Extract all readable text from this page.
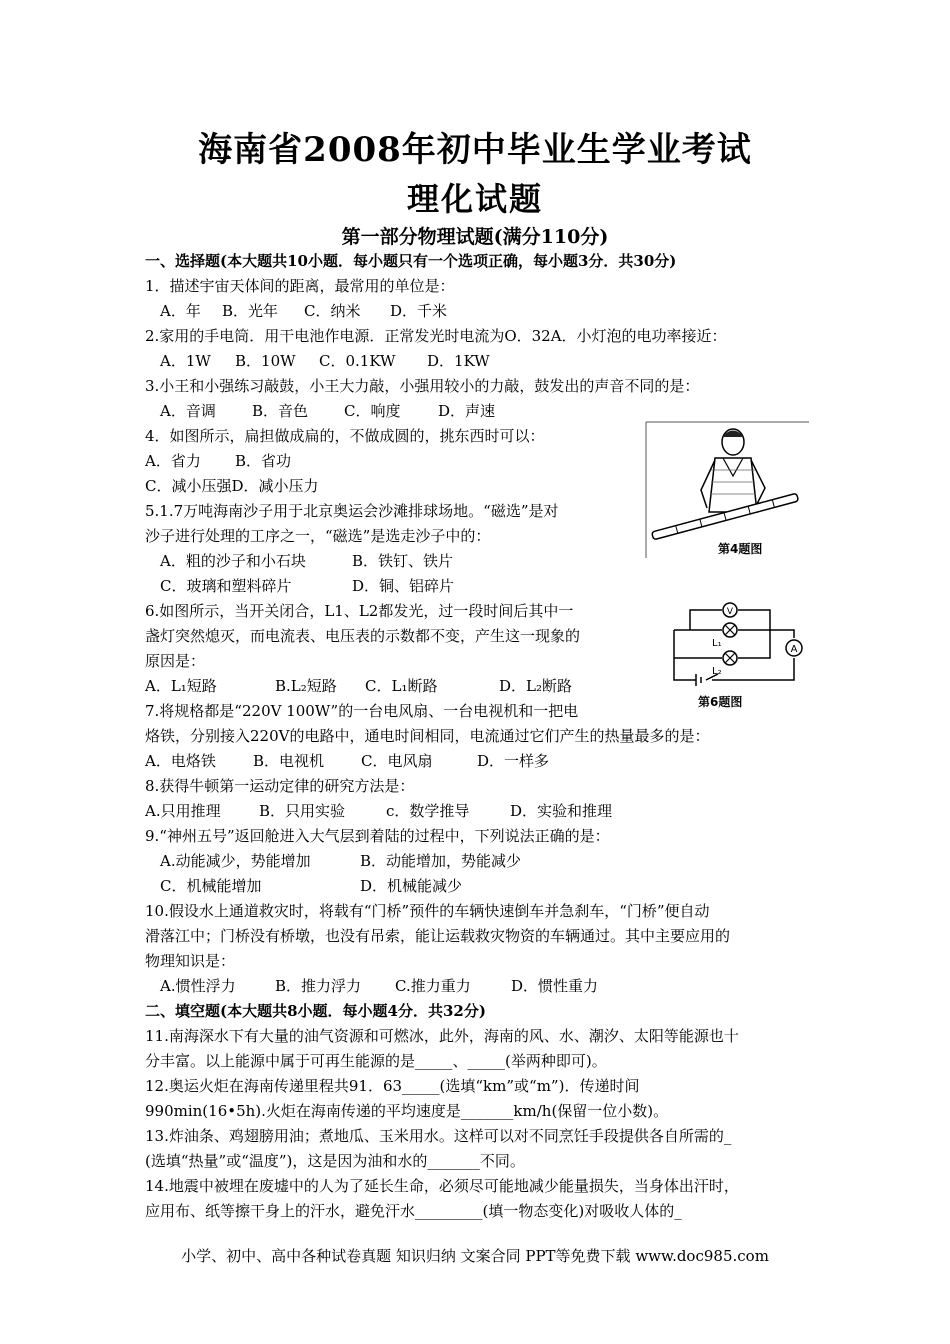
海南省2008年初中毕业生学业考试
理化试题
第一部分物理试题(满分110分)
一、选择题(本大题共10小题．每小题只有一个选项正确，每小题3分．共30分)
1．描述宇宙天体间的距离，最常用的单位是：
A．年 B．光年 C．纳米 D．千米
2.家用的手电筒．用干电池作电源．正常发光时电流为O．32A．小灯泡的电功率接近：
A．1W B．10W C．0.1KW D．1KW
3.小王和小强练习敲鼓，小王大力敲，小强用较小的力敲，鼓发出的声音不同的是：
A．音调 B．音色 C．响度	D．声速
4．如图所示，扁担做成扁的，不做成圆的，挑东西时可以：
A．省力 B．省功
C．减小压强D．减小压力
第4题图
5.1.7万吨海南沙子用于北京奥运会沙滩排球场地。“磁选”是对
沙子进行处理的工序之一，“磁选”是选走沙子中的：
A．粗的沙子和小石块	B．铁钉、铁片
C．玻璃和塑料碎片	D．铜、铝碎片
6.如图所示，当开关闭合，L1、L2都发光，过一段时间后其中一
盏灯突然熄灭，而电流表、电压表的示数都不变，产生这一现象的
原因是：
A．L₁短路	B.L₂短路 C．L₁断路	D．L₂断路
V
A
L₁
L₂
第6题图
7.将规格都是“220V 100W”的一台电风扇、一台电视机和一把电
烙铁，分别接入220V的电路中，通电时间相同，电流通过它们产生的热量最多的是：
A．电烙铁 B．电视机 C．电风扇	D．一样多
8.获得牛顿第一运动定律的研究方法是：
A.只用推理	B．只用实验	c．数学推导	D．实验和推理
9.“神州五号”返回舱进入大气层到着陆的过程中，下列说法正确的是：
A.动能减少，势能增加	B．动能增加，势能减少
C．机械能增加	D．机械能减少
10.假设水上通道救灾时，将载有“门桥”预件的车辆快速倒车并急刹车，“门桥”便自动
滑落江中；门桥没有桥墩，也没有吊索，能让运载救灾物资的车辆通过。其中主要应用的
物理知识是：
A.惯性浮力	B．推力浮力 C.推力重力	D．惯性重力
二、填空题(本大题共8小题．每小题4分．共32分)
11.南海深水下有大量的油气资源和可燃冰，此外，海南的风、水、潮汐、太阳等能源也十
分丰富。以上能源中属于可再生能源的是_____、_____(举两种即可)。
12.奥运火炬在海南传递里程共91．63_____(选填“km”或“m”)．传递时间
990min(16•5h).火炬在海南传递的平均速度是_______km/h(保留一位小数)。
13.炸油条、鸡翅膀用油；煮地瓜、玉米用水。这样可以对不同烹饪手段提供各自所需的_
(选填“热量”或“温度”)，这是因为油和水的_______不同。
14.地震中被埋在废墟中的人为了延长生命，必须尽可能地减少能量损失，当身体出汗时，
应用布、纸等擦干身上的汗水，避免汗水_________(填一物态变化)对吸收人体的_
小学、初中、高中各种试卷真题 知识归纳 文案合同 PPT等免费下载 www.doc985.com
